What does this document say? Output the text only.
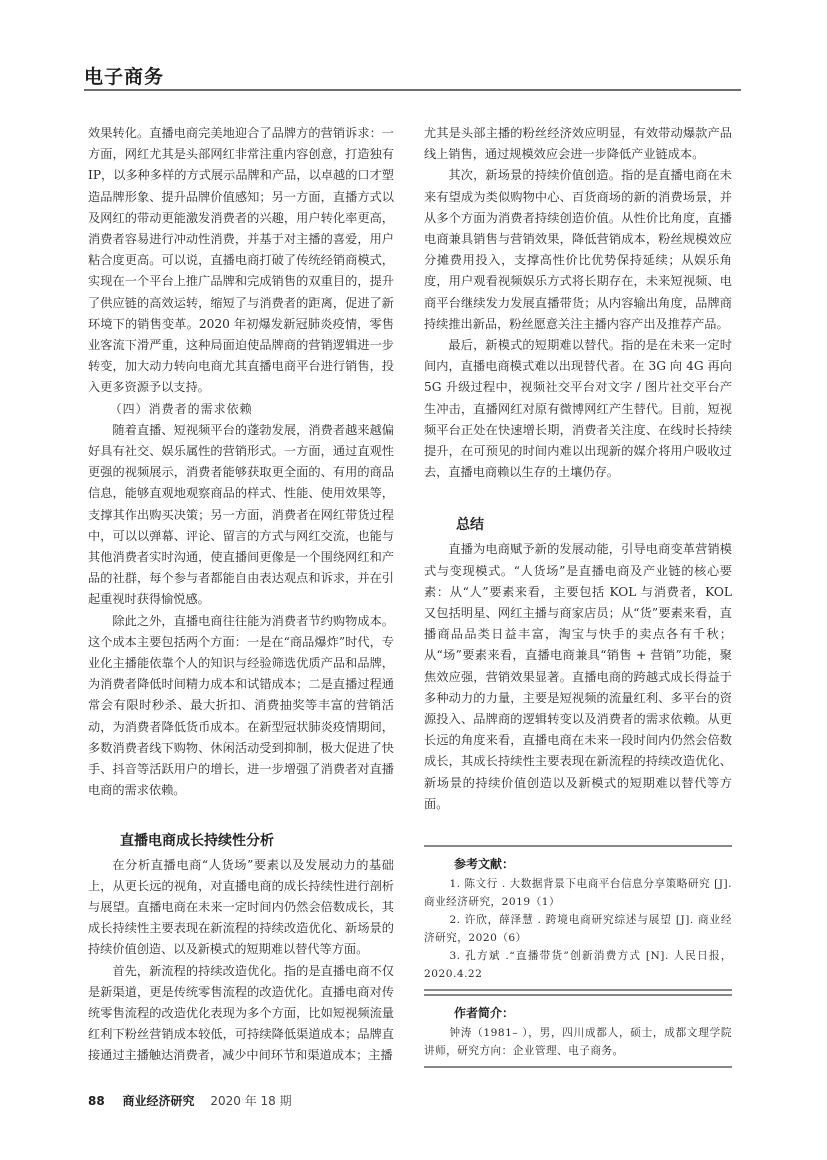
电子商务

效果转化。直播电商完美地迎合了品牌方的营销诉求：一方面，网红尤其是头部网红非常注重内容创意，打造独有IP，以多种多样的方式展示品牌和产品，以卓越的口才塑造品牌形象、提升品牌价值感知；另一方面，直播方式以及网红的带动更能激发消费者的兴趣，用户转化率更高，消费者容易进行冲动性消费，并基于对主播的喜爱，用户粘合度更高。可以说，直播电商打破了传统经销商模式，实现在一个平台上推广品牌和完成销售的双重目的，提升了供应链的高效运转，缩短了与消费者的距离，促进了新环境下的销售变革。2020 年初爆发新冠肺炎疫情，零售业客流下滑严重，这种局面迫使品牌商的营销逻辑进一步转变，加大动力转向电商尤其直播电商平台进行销售，投入更多资源予以支持。

（四）消费者的需求依赖

随着直播、短视频平台的蓬勃发展，消费者越来越偏好具有社交、娱乐属性的营销形式。一方面，通过直观性更强的视频展示，消费者能够获取更全面的、有用的商品信息，能够直观地观察商品的样式、性能、使用效果等，支撑其作出购买决策；另一方面，消费者在网红带货过程中，可以以弹幕、评论、留言的方式与网红交流，也能与其他消费者实时沟通，使直播间更像是一个围绕网红和产品的社群，每个参与者都能自由表达观点和诉求，并在引起重视时获得愉悦感。

除此之外，直播电商往往能为消费者节约购物成本。这个成本主要包括两个方面：一是在“商品爆炸”时代，专业化主播能依靠个人的知识与经验筛选优质产品和品牌，为消费者降低时间精力成本和试错成本；二是直播过程通常会有限时秒杀、最大折扣、消费抽奖等丰富的营销活动，为消费者降低货币成本。在新型冠状肺炎疫情期间，多数消费者线下购物、休闲活动受到抑制，极大促进了快手、抖音等活跃用户的增长，进一步增强了消费者对直播电商的需求依赖。

直播电商成长持续性分析

在分析直播电商“人货场”要素以及发展动力的基础上，从更长远的视角，对直播电商的成长持续性进行剖析与展望。直播电商在未来一定时间内仍然会倍数成长，其成长持续性主要表现在新流程的持续改造优化、新场景的持续价值创造、以及新模式的短期难以替代等方面。

首先，新流程的持续改造优化。指的是直播电商不仅是新渠道，更是传统零售流程的改造优化。直播电商对传统零售流程的改造优化表现为多个方面，比如短视频流量红利下粉丝营销成本较低，可持续降低渠道成本；品牌直接通过主播触达消费者，减少中间环节和渠道成本；主播

尤其是头部主播的粉丝经济效应明显，有效带动爆款产品线上销售，通过规模效应会进一步降低产业链成本。

其次，新场景的持续价值创造。指的是直播电商在未来有望成为类似购物中心、百货商场的新的消费场景，并从多个方面为消费者持续创造价值。从性价比角度，直播电商兼具销售与营销效果，降低营销成本，粉丝规模效应分摊费用投入，支撑高性价比优势保持延续；从娱乐角度，用户观看视频娱乐方式将长期存在，未来短视频、电商平台继续发力发展直播带货；从内容输出角度，品牌商持续推出新品，粉丝愿意关注主播内容产出及推荐产品。

最后，新模式的短期难以替代。指的是在未来一定时间内，直播电商模式难以出现替代者。在 3G 向 4G 再向 5G 升级过程中，视频社交平台对文字 / 图片社交平台产生冲击，直播网红对原有微博网红产生替代。目前，短视频平台正处在快速增长期，消费者关注度、在线时长持续提升，在可预见的时间内难以出现新的媒介将用户吸收过去，直播电商赖以生存的土壤仍存。

总结

直播为电商赋予新的发展动能，引导电商变革营销模式与变现模式。“人货场”是直播电商及产业链的核心要素：从“人”要素来看，主要包括 KOL 与消费者，KOL 又包括明星、网红主播与商家店员；从“货”要素来看，直播商品品类日益丰富，淘宝与快手的卖点各有千秋；从“场”要素来看，直播电商兼具“销售 + 营销”功能，聚焦效应强，营销效果显著。直播电商的跨越式成长得益于多种动力的力量，主要是短视频的流量红利、多平台的资源投入、品牌商的逻辑转变以及消费者的需求依赖。从更长远的角度来看，直播电商在未来一段时间内仍然会倍数成长，其成长持续性主要表现在新流程的持续改造优化、新场景的持续价值创造以及新模式的短期难以替代等方面。

参考文献：
1. 陈文行 . 大数据背景下电商平台信息分享策略研究 [J]. 商业经济研究，2019（1）
2. 许欣，薛泽慧 . 跨境电商研究综述与展望 [J]. 商业经济研究，2020（6）
3. 孔方斌 .“直播带货”创新消费方式 [N]. 人民日报，2020.4.22
作者简介：
钟涛（1981– ），男，四川成都人，硕士，成都文理学院讲师，研究方向：企业管理、电子商务。
88 商业经济研究 2020 年 18 期
